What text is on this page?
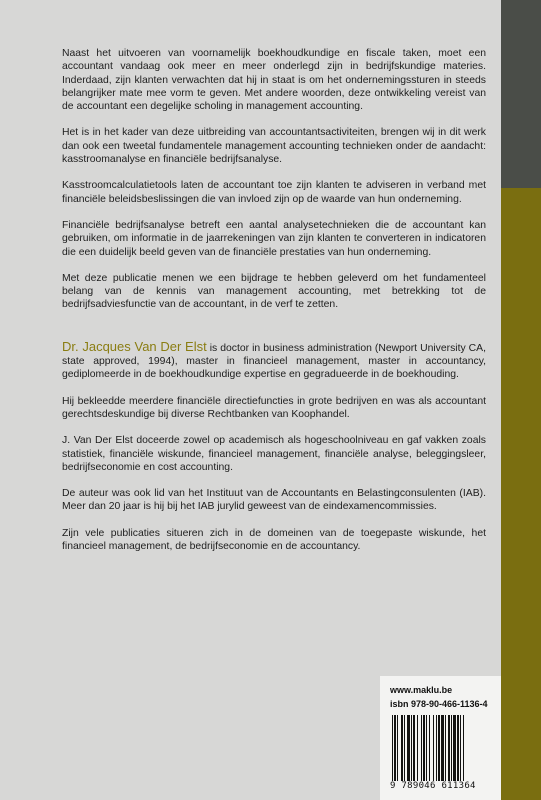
Naast het uitvoeren van voornamelijk boekhoudkundige en fiscale taken, moet een accountant vandaag ook meer en meer onderlegd zijn in bedrijfskundige materies. Inderdaad, zijn klanten verwachten dat hij in staat is om het ondernemingssturen in steeds belangrijker mate mee vorm te geven. Met andere woorden, deze ontwikkeling vereist van de accountant een degelijke scholing in management accounting.

Het is in het kader van deze uitbreiding van accountantsactiviteiten, brengen wij in dit werk dan ook een tweetal fundamentele management accounting technieken onder de aandacht: kasstroomanalyse en financiële bedrijfsanalyse.

Kasstroomcalculatietools laten de accountant toe zijn klanten te adviseren in verband met financiële beleidsbeslissingen die van invloed zijn op de waarde van hun onderneming.

Financiële bedrijfsanalyse betreft een aantal analysetechnieken die de accountant kan gebruiken, om informatie in de jaarrekeningen van zijn klanten te converteren in indicatoren die een duidelijk beeld geven van de financiële prestaties van hun onderneming.

Met deze publicatie menen we een bijdrage te hebben geleverd om het fundamenteel belang van de kennis van management accounting, met betrekking tot de bedrijfsadviesfunctie van de accountant, in de verf te zetten.

Dr. Jacques Van Der Elst is doctor in business administration (Newport University CA, state approved, 1994), master in financieel management, master in accountancy, gediplomeerde in de boekhoudkundige expertise en gegradueerde in de boekhouding.

Hij bekleedde meerdere financiële directiefuncties in grote bedrijven en was als accountant gerechtsdeskundige bij diverse Rechtbanken van Koophandel.

J. Van Der Elst doceerde zowel op academisch als hogeschoolniveau en gaf vakken zoals statistiek, financiële wiskunde, financieel management, financiële analyse, beleggingsleer, bedrijfseconomie en cost accounting.

De auteur was ook lid van het Instituut van de Accountants en Belastingconsulenten (IAB). Meer dan 20 jaar is hij bij het IAB jurylid geweest van de eindexamencommissies.

Zijn vele publicaties situeren zich in de domeinen van de toegepaste wiskunde, het financieel management, de bedrijfseconomie en de accountancy.

www.maklu.be
isbn 978-90-466-1136-4
9 789046 611364
